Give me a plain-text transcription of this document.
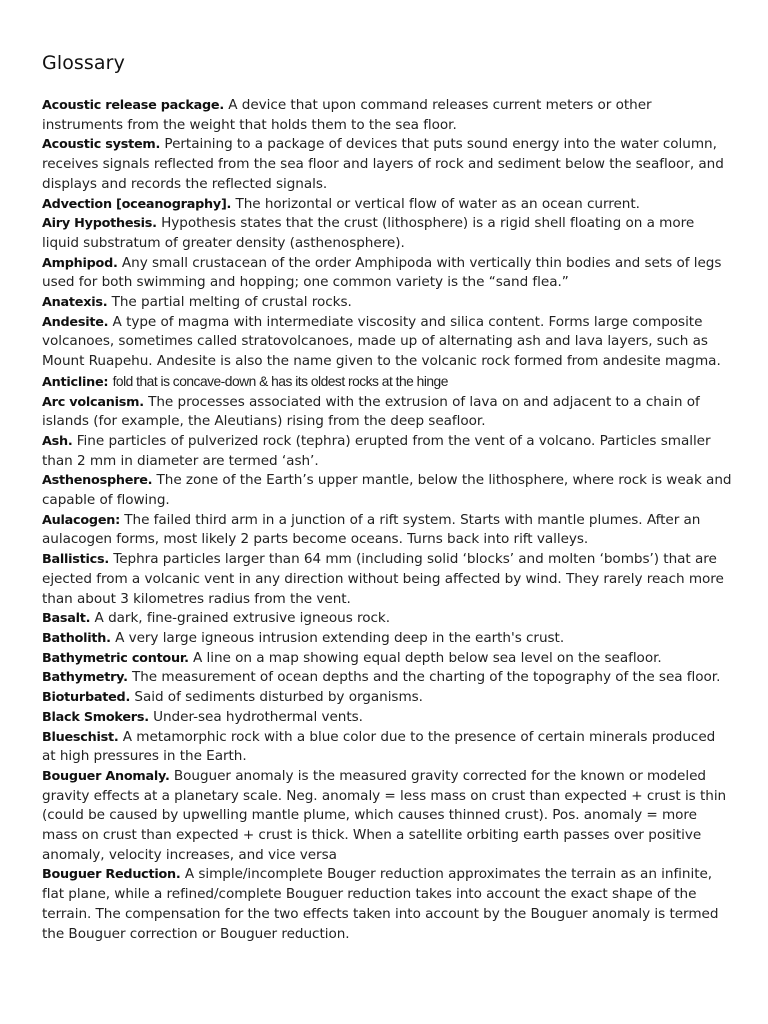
Glossary
Acoustic release package. A device that upon command releases current meters or other instruments from the weight that holds them to the sea floor.
Acoustic system. Pertaining to a package of devices that puts sound energy into the water column, receives signals reflected from the sea floor and layers of rock and sediment below the seafloor, and displays and records the reflected signals.
Advection [oceanography]. The horizontal or vertical flow of water as an ocean current.
Airy Hypothesis. Hypothesis states that the crust (lithosphere) is a rigid shell floating on a more liquid substratum of greater density (asthenosphere).
Amphipod. Any small crustacean of the order Amphipoda with vertically thin bodies and sets of legs used for both swimming and hopping; one common variety is the “sand flea.”
Anatexis. The partial melting of crustal rocks.
Andesite. A type of magma with intermediate viscosity and silica content. Forms large composite volcanoes, sometimes called stratovolcanoes, made up of alternating ash and lava layers, such as Mount Ruapehu. Andesite is also the name given to the volcanic rock formed from andesite magma.
Anticline: fold that is concave-down & has its oldest rocks at the hinge
Arc volcanism. The processes associated with the extrusion of lava on and adjacent to a chain of islands (for example, the Aleutians) rising from the deep seafloor.
Ash. Fine particles of pulverized rock (tephra) erupted from the vent of a volcano. Particles smaller than 2 mm in diameter are termed ‘ash’.
Asthenosphere. The zone of the Earth’s upper mantle, below the lithosphere, where rock is weak and capable of flowing.
Aulacogen: The failed third arm in a junction of a rift system. Starts with mantle plumes. After an aulacogen forms, most likely 2 parts become oceans. Turns back into rift valleys.
Ballistics. Tephra particles larger than 64 mm (including solid ‘blocks’ and molten ‘bombs’) that are ejected from a volcanic vent in any direction without being affected by wind. They rarely reach more than about 3 kilometres radius from the vent.
Basalt. A dark, fine-grained extrusive igneous rock.
Batholith. A very large igneous intrusion extending deep in the earth's crust.
Bathymetric contour. A line on a map showing equal depth below sea level on the seafloor.
Bathymetry. The measurement of ocean depths and the charting of the topography of the sea floor.
Bioturbated. Said of sediments disturbed by organisms.
Black Smokers. Under-sea hydrothermal vents.
Blueschist. A metamorphic rock with a blue color due to the presence of certain minerals produced at high pressures in the Earth.
Bouguer Anomaly. Bouguer anomaly is the measured gravity corrected for the known or modeled gravity effects at a planetary scale. Neg. anomaly = less mass on crust than expected + crust is thin (could be caused by upwelling mantle plume, which causes thinned crust). Pos. anomaly = more mass on crust than expected + crust is thick. When a satellite orbiting earth passes over positive anomaly, velocity increases, and vice versa
Bouguer Reduction. A simple/incomplete Bouger reduction approximates the terrain as an infinite, flat plane, while a refined/complete Bouguer reduction takes into account the exact shape of the terrain. The compensation for the two effects taken into account by the Bouguer anomaly is termed the Bouguer correction or Bouguer reduction.
